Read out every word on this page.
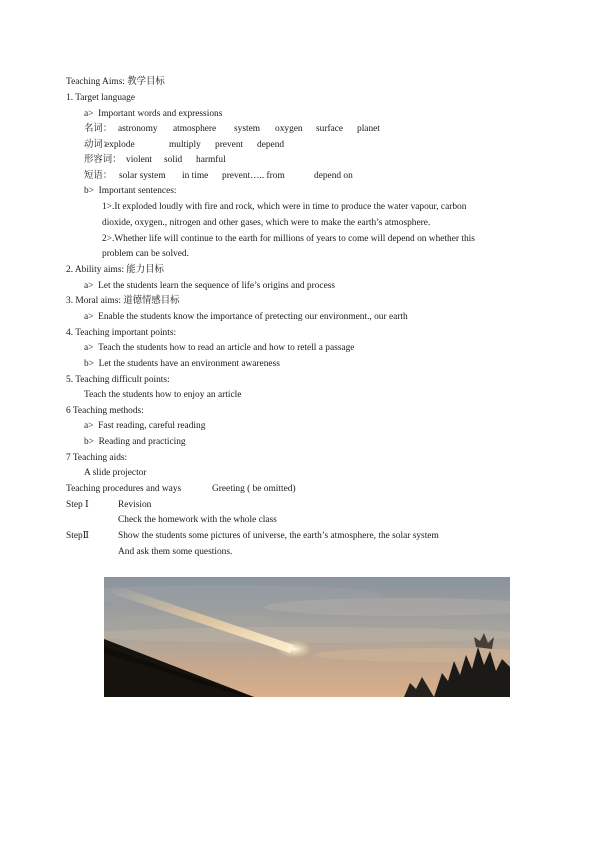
Teaching Aims: 教学目标
1. Target language
a> Important words and expressions
名词： astronomy atmosphere system oxygen surface planet
动词：
explode	multiply prevent depend
形容词： violent solid harmful
短语： solar system in time prevent….. from	depend on
b> Important sentences:
1>.It exploded loudly with fire and rock, which were in time to produce the water vapour, carbon
dioxide, oxygen., nitrogen and other gases, which were to make the earth’s atmosphere.
2>.Whether life will continue to the earth for millions of years to come will depend on whether this
problem can be solved.
2. Ability aims: 能力目标
a> Let the students learn the sequence of life’s origins and process
3. Moral aims: 道德情感目标
a> Enable the students know the importance of pretecting our environment., our earth
4. Teaching important points:
a> Teach the students how to read an article and how to retell a passage
b> Let the students have an environment awareness
5. Teaching difficult points:
Teach the students how to enjoy an article
6 Teaching methods:
a> Fast reading, careful reading
b> Reading and practicing
7 Teaching aids:
A slide projector
Teaching procedures and ways	Greeting ( be omitted)
Step Ⅰ	Revision
Check the homework with the whole class
StepⅡ	Show the students some pictures of universe, the earth’s atmosphere, the solar system
And ask them some questions.
